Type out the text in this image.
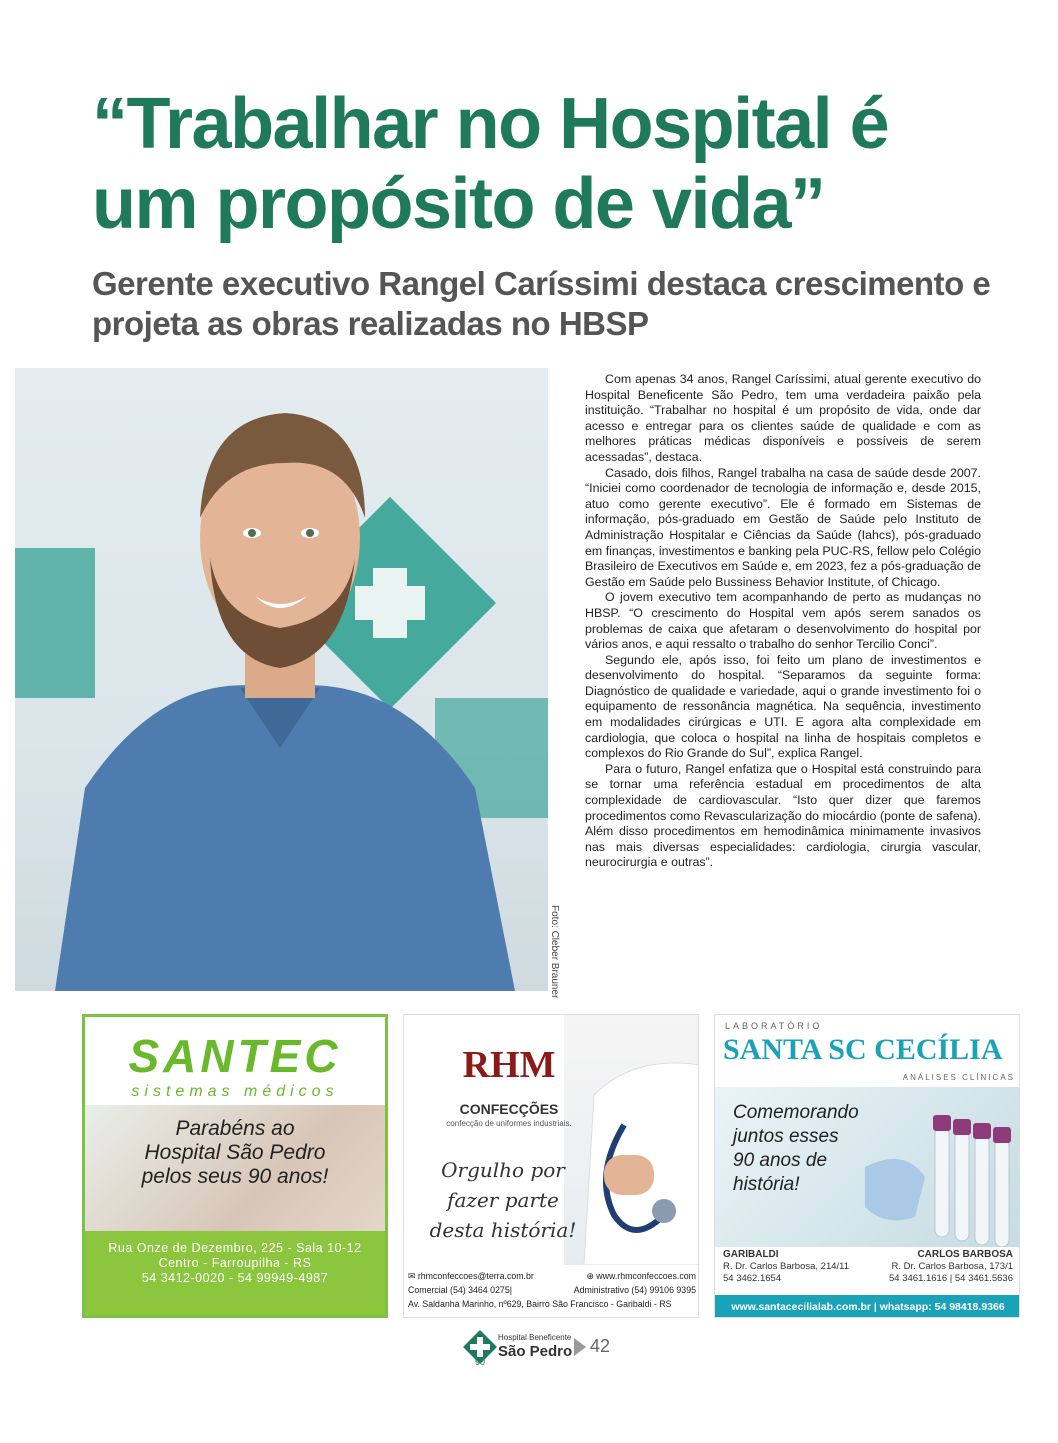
“Trabalhar no Hospital é
um propósito de vida”
Gerente executivo Rangel Caríssimi destaca crescimento e
projeta as obras realizadas no HBSP
Foto: Cleber Brauner

Com apenas 34 anos, Rangel Caríssimi, atual gerente executivo do Hospital Beneficente São Pedro, tem uma verdadeira paixão pela instituição. “Trabalhar no hospital é um propósito de vida, onde dar acesso e entregar para os clientes saúde de qualidade e com as melhores práticas médicas disponíveis e possíveis de serem acessadas”, destaca.

Casado, dois filhos, Rangel trabalha na casa de saúde desde 2007. “Iniciei como coordenador de tecnologia de informação e, desde 2015, atuo como gerente executivo”. Ele é formado em Sistemas de informação, pós-graduado em Gestão de Saúde pelo Instituto de Administração Hospitalar e Ciências da Saúde (Iahcs), pós-graduado em finanças, investimentos e banking pela PUC-RS, fellow pelo Colégio Brasileiro de Executivos em Saúde e, em 2023, fez a pós-graduação de Gestão em Saúde pelo Bussiness Behavior Institute, of Chicago.

O jovem executivo tem acompanhando de perto as mudanças no HBSP. “O crescimento do Hospital vem após serem sanados os problemas de caixa que afetaram o desenvolvimento do hospital por vários anos, e aqui ressalto o trabalho do senhor Tercilio Conci”.

Segundo ele, após isso, foi feito um plano de investimentos e desenvolvimento do hospital. “Separamos da seguinte forma: Diagnóstico de qualidade e variedade, aqui o grande investimento foi o equipamento de ressonância magnética. Na sequência, investimento em modalidades cirúrgicas e UTI. E agora alta complexidade em cardiologia, que coloca o hospital na linha de hospitais completos e complexos do Rio Grande do Sul”, explica Rangel.

Para o futuro, Rangel enfatiza que o Hospital está construindo para se tornar uma referência estadual em procedimentos de alta complexidade de cardiovascular. “Isto quer dizer que faremos procedimentos como Revascularização do miocárdio (ponte de safena). Além disso procedimentos em hemodinâmica minimamente invasivos nas mais diversas especialidades: cardiologia, cirurgia vascular, neurocirurgia e outras”.

SANTEC
sistemas médicos
Parabéns ao
Hospital São Pedro
pelos seus 90 anos!
Rua Onze de Dezembro, 225 - Sala 10-12
Centro - Farroupilha - RS
54 3412-0020 - 54 99949-4987
RHM
CONFECÇÕES
confecção de uniformes industriais.
Orgulho por
fazer parte
desta história!
✉ rhmconfeccoes@terra.com.br	⊕ www.rhmconfeccoes.com
Comercial (54) 3464 0275|	Administrativo (54) 99106 9395
Av. Saldanha Marinho, nº629, Bairro São Francisco - Garibaldi - RS
LABORATÓRIO
SANTA SC CECÍLIA
ANÁLISES CLÍNICAS
Comemorando
juntos esses
90 anos de
história!
GARIBALDI
R. Dr. Carlos Barbosa, 214/11
54 3462.1654
CARLOS BARBOSA
R. Dr. Carlos Barbosa, 173/1
54 3461.1616 | 54 3461.5636
www.santacecilialab.com.br | whatsapp: 54 98418.9366
90
Hospital Beneficente
São Pedro 42
